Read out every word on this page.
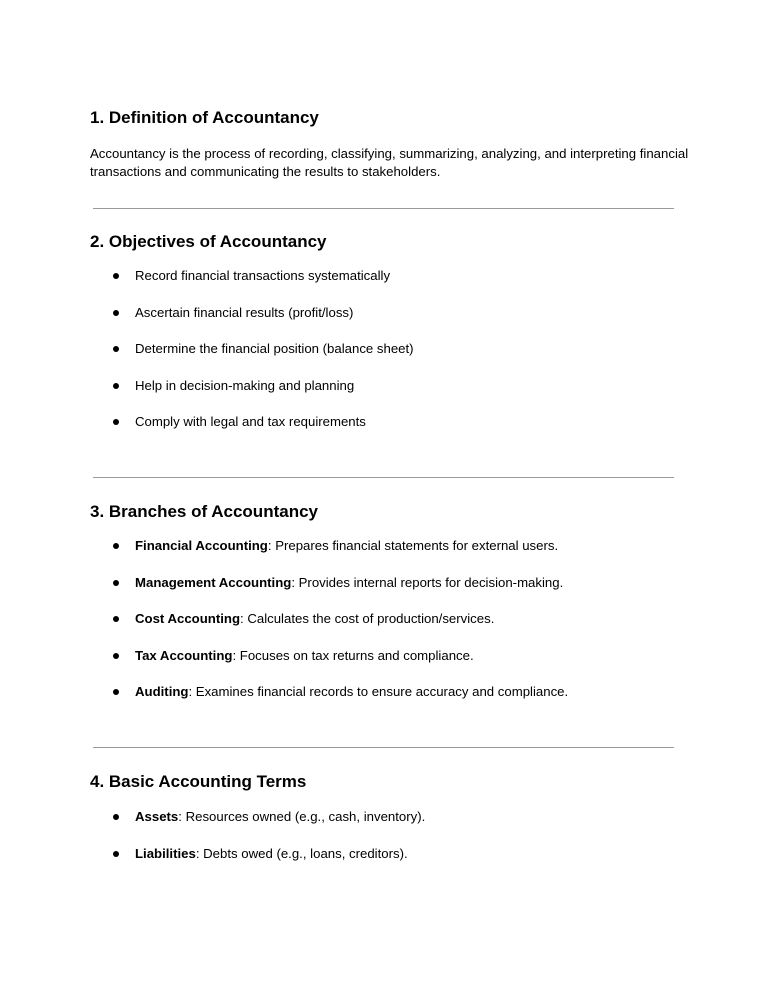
1. Definition of Accountancy

Accountancy is the process of recording, classifying, summarizing, analyzing, and interpreting financial transactions and communicating the results to stakeholders.

2. Objectives of Accountancy
Record financial transactions systematically
Ascertain financial results (profit/loss)
Determine the financial position (balance sheet)
Help in decision-making and planning
Comply with legal and tax requirements
3. Branches of Accountancy
Financial Accounting: Prepares financial statements for external users.
Management Accounting: Provides internal reports for decision-making.
Cost Accounting: Calculates the cost of production/services.
Tax Accounting: Focuses on tax returns and compliance.
Auditing: Examines financial records to ensure accuracy and compliance.
4. Basic Accounting Terms
Assets: Resources owned (e.g., cash, inventory).
Liabilities: Debts owed (e.g., loans, creditors).
